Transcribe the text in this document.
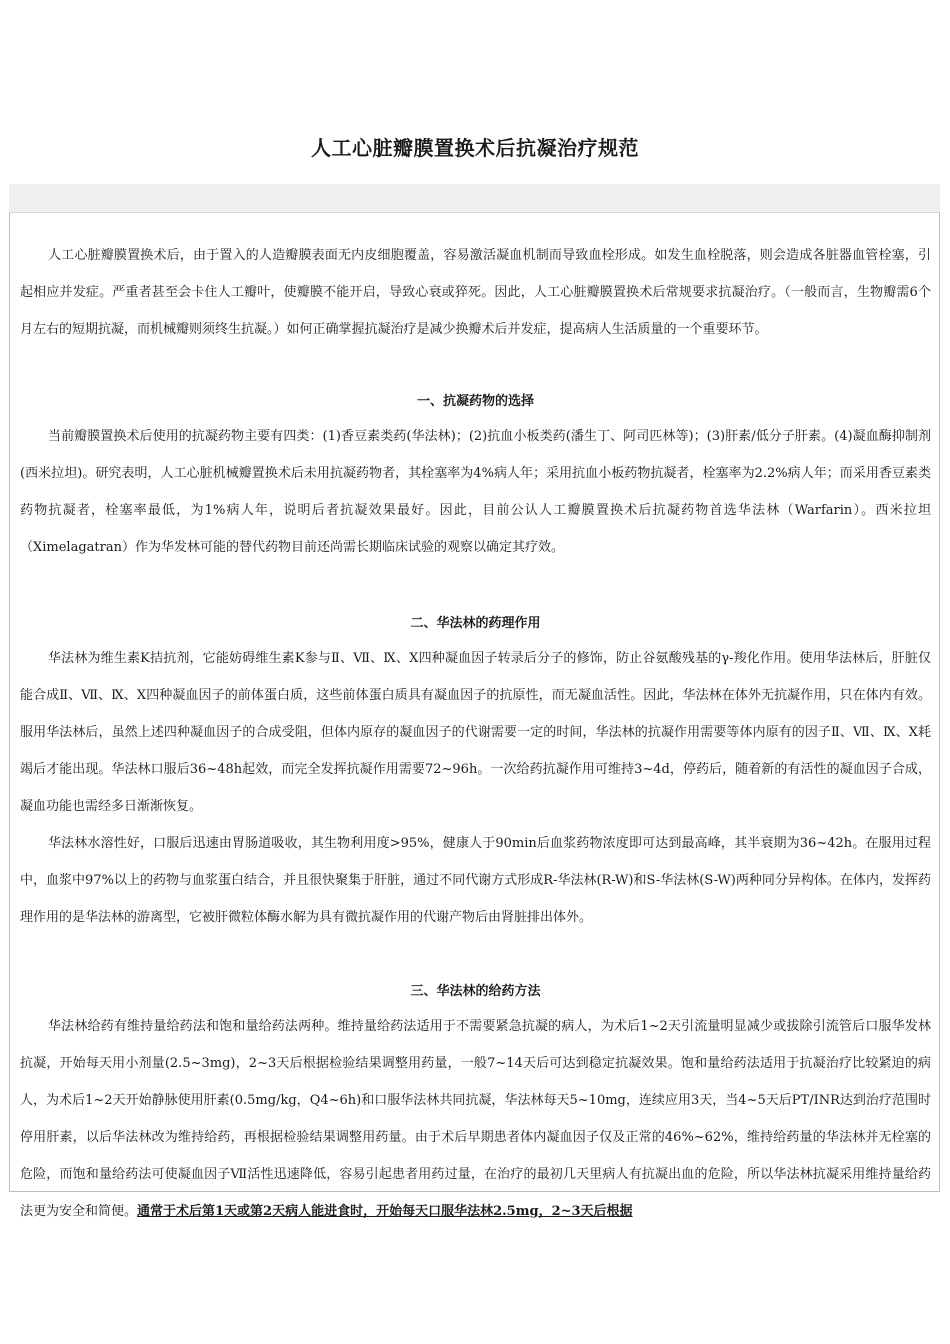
人工心脏瓣膜置换术后抗凝治疗规范

人工心脏瓣膜置换术后，由于置入的人造瓣膜表面无内皮细胞覆盖，容易激活凝血机制而导致血栓形成。如发生血栓脱落，则会造成各脏器血管栓塞，引起相应并发症。严重者甚至会卡住人工瓣叶，使瓣膜不能开启，导致心衰或猝死。因此，人工心脏瓣膜置换术后常规要求抗凝治疗。（一般而言，生物瓣需6个月左右的短期抗凝，而机械瓣则须终生抗凝。）如何正确掌握抗凝治疗是减少换瓣术后并发症，提高病人生活质量的一个重要环节。

一、抗凝药物的选择

当前瓣膜置换术后使用的抗凝药物主要有四类：(1)香豆素类药(华法林)；(2)抗血小板类药(潘生丁、阿司匹林等)；(3)肝素/低分子肝素。(4)凝血酶抑制剂(西米拉坦)。研究表明，人工心脏机械瓣置换术后未用抗凝药物者，其栓塞率为4%病人年；采用抗血小板药物抗凝者，栓塞率为2.2%病人年；而采用香豆素类药物抗凝者，栓塞率最低，为1%病人年，说明后者抗凝效果最好。因此，目前公认人工瓣膜置换术后抗凝药物首选华法林（Warfarin）。西米拉坦（Ximelagatran）作为华发林可能的替代药物目前还尚需长期临床试验的观察以确定其疗效。

二、华法林的药理作用

华法林为维生素K拮抗剂，它能妨碍维生素K参与Ⅱ、Ⅶ、Ⅸ、Ⅹ四种凝血因子转录后分子的修饰，防止谷氨酸残基的γ-羧化作用。使用华法林后，肝脏仅能合成Ⅱ、Ⅶ、Ⅸ、Ⅹ四种凝血因子的前体蛋白质，这些前体蛋白质具有凝血因子的抗原性，而无凝血活性。因此，华法林在体外无抗凝作用，只在体内有效。服用华法林后，虽然上述四种凝血因子的合成受阻，但体内原存的凝血因子的代谢需要一定的时间，华法林的抗凝作用需要等体内原有的因子Ⅱ、Ⅶ、Ⅸ、Ⅹ耗竭后才能出现。华法林口服后36~48h起效，而完全发挥抗凝作用需要72~96h。一次给药抗凝作用可维持3~4d，停药后，随着新的有活性的凝血因子合成，凝血功能也需经多日渐渐恢复。

华法林水溶性好，口服后迅速由胃肠道吸收，其生物利用度>95%，健康人于90min后血浆药物浓度即可达到最高峰，其半衰期为36~42h。在服用过程中，血浆中97%以上的药物与血浆蛋白结合，并且很快聚集于肝脏，通过不同代谢方式形成R-华法林(R-W)和S-华法林(S-W)两种同分异构体。在体内，发挥药理作用的是华法林的游离型，它被肝微粒体酶水解为具有微抗凝作用的代谢产物后由肾脏排出体外。

三、华法林的给药方法

华法林给药有维持量给药法和饱和量给药法两种。维持量给药法适用于不需要紧急抗凝的病人，为术后1~2天引流量明显减少或拔除引流管后口服华发林抗凝，开始每天用小剂量(2.5~3mg)，2~3天后根据检验结果调整用药量，一般7~14天后可达到稳定抗凝效果。饱和量给药法适用于抗凝治疗比较紧迫的病人，为术后1~2天开始静脉使用肝素(0.5mg/kg，Q4~6h)和口服华法林共同抗凝，华法林每天5~10mg，连续应用3天，当4~5天后PT/INR达到治疗范围时停用肝素，以后华法林改为维持给药，再根据检验结果调整用药量。由于术后早期患者体内凝血因子仅及正常的46%~62%，维持给药量的华法林并无栓塞的危险，而饱和量给药法可使凝血因子Ⅶ活性迅速降低，容易引起患者用药过量，在治疗的最初几天里病人有抗凝出血的危险，所以华法林抗凝采用维持量给药法更为安全和简便。通常于术后第1天或第2天病人能进食时，开始每天口服华法林2.5mg，2~3天后根据
